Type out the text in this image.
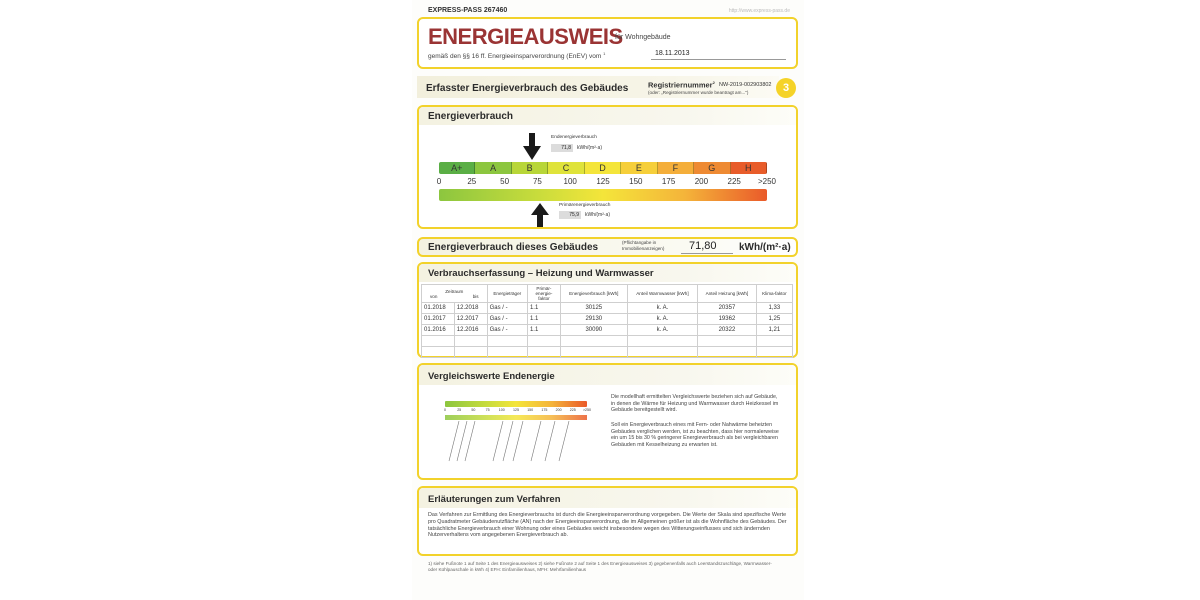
EXPRESS-PASS 267460	http://www.express-pass.de
ENERGIEAUSWEIS
für Wohngebäude
gemäß den §§ 16 ff. Energieeinsparverordnung (EnEV) vom $^1$	18.11.2013
Erfasster Energieverbrauch des Gebäudes	Registriernummer$^2$ NW-2019-002903802
(oder: „Registriernummer wurde beantragt am...")	3
Energieverbrauch
Endenergieverbrauch
71,8	kWh/(m²·a)
A+	A	B	C	D	E	F	G	H
0	25	50	75	100 125 150 175 200 225 >250
Primärenergieverbrauch
75,9	kWh/(m²·a)
Energieverbrauch dieses Gebäudes	(Pflichtangabe in Immobilienanzeigen)	71,80 kWh/(m²·a)
Verbrauchserfassung – Heizung und Warmwasser
Zeitraum
von bis		Energieträger	Primär-energie-faktor	Energieverbrauch [kWh]	Anteil Warmwasser [kWh]	Anteil Heizung [kWh]	Klima-faktor
01.2018	12.2018	Gas / -	1.1	30125	k. A.	20357	1,33
01.2017	12.2017	Gas / -	1.1	29130	k. A.	19362	1,25
01.2016	12.2016	Gas / -	1.1	30090	k. A.	20322	1,21

Vergleichswerte Endenergie
0	25	50	75	100 125 150 175 200 225 >250
Die modellhaft ermittelten Vergleichswerte beziehen sich auf Gebäude, in denen die Wärme für Heizung und Warmwasser durch Heizkessel im Gebäude bereitgestellt wird.
Soll ein Energieverbrauch eines mit Fern- oder Nahwärme beheizten Gebäudes verglichen werden, ist zu beachten, dass hier normalerweise ein um 15 bis 30 % geringerer Energieverbrauch als bei vergleichbaren Gebäuden mit Kesselheizung zu erwarten ist.
Erläuterungen zum Verfahren
Das Verfahren zur Ermittlung des Energieverbrauchs ist durch die Energieeinsparverordnung vorgegeben. Die Werte der Skala sind spezifische Werte pro Quadratmeter Gebäudenutzfläche (AN) nach der Energieeinsparverordnung, die im Allgemeinen größer ist als die Wohnfläche des Gebäudes. Der tatsächliche Energieverbrauch einer Wohnung oder eines Gebäudes weicht insbesondere wegen des Witterungseinflusses und sich ändernden Nutzerverhaltens vom angegebenen Energieverbrauch ab.
1) siehe Fußnote 1 auf Seite 1 des Energieausweises 2) siehe Fußnote 2 auf Seite 1 des Energieausweises 3) gegebenenfalls auch Leerstandszuschläge, Warmwasser- oder Kühlpauschale in kWh 4) EFH: Einfamilienhaus, MFH: Mehrfamilienhaus
